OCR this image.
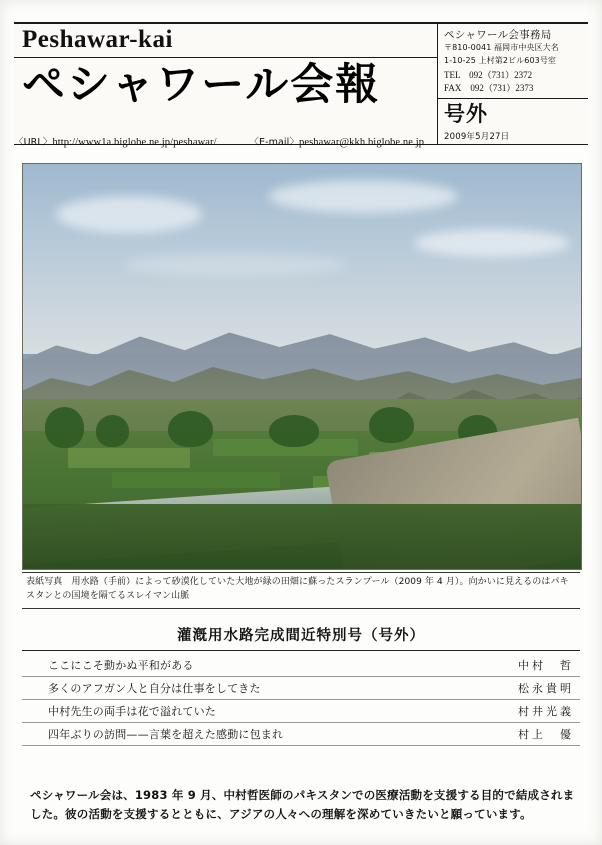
Peshawar-kai
ペシャワール会報
ペシャワール会事務局
〒810-0041 福岡市中央区大名
1-10-25 上村第2ビル603号室
TEL　092（731）2372
FAX　092（731）2373
号外
2009年5月27日
〈URL〉http://www1a.biglobe.ne.jp/peshawar/	〈E-mail〉peshawar@kkh.biglobe.ne.jp
表紙写真　用水路（手前）によって砂漠化していた大地が緑の田畑に蘇ったスランプール（2009 年 4 月）。向かいに見えるのはパキスタンとの国境を隔てるスレイマン山脈
灌漑用水路完成間近特別号（号外）
ここにこそ動かぬ平和がある	中村　哲
多くのアフガン人と自分は仕事をしてきた	松永貴明
中村先生の両手は花で溢れていた	村井光義
四年ぶりの訪問——言葉を超えた感動に包まれ	村上　優
ペシャワール会は、1983 年 9 月、中村哲医師のパキスタンでの医療活動を支援する目的で結成されました。彼の活動を支援するとともに、アジアの人々への理解を深めていきたいと願っています。
